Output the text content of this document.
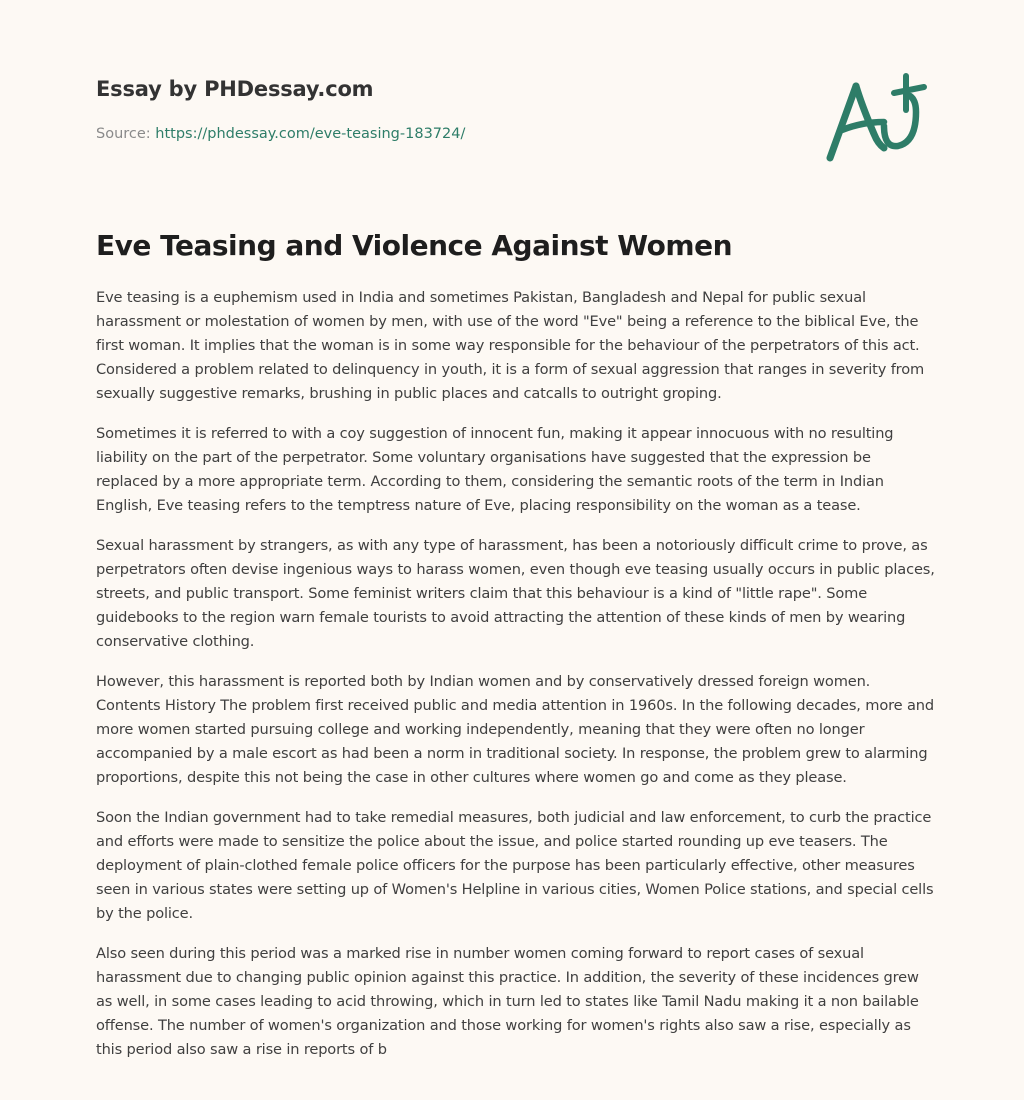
Essay by PHDessay.com
Source: https://phdessay.com/eve-teasing-183724/
Eve Teasing and Violence Against Women

Eve teasing is a euphemism used in India and sometimes Pakistan, Bangladesh and Nepal for public sexual harassment or molestation of women by men, with use of the word "Eve" being a reference to the biblical Eve, the first woman. It implies that the woman is in some way responsible for the behaviour of the perpetrators of this act. Considered a problem related to delinquency in youth, it is a form of sexual aggression that ranges in severity from sexually suggestive remarks, brushing in public places and catcalls to outright groping.

Sometimes it is referred to with a coy suggestion of innocent fun, making it appear innocuous with no resulting liability on the part of the perpetrator. Some voluntary organisations have suggested that the expression be replaced by a more appropriate term. According to them, considering the semantic roots of the term in Indian English, Eve teasing refers to the temptress nature of Eve, placing responsibility on the woman as a tease.

Sexual harassment by strangers, as with any type of harassment, has been a notoriously difficult crime to prove, as perpetrators often devise ingenious ways to harass women, even though eve teasing usually occurs in public places, streets, and public transport. Some feminist writers claim that this behaviour is a kind of "little rape". Some guidebooks to the region warn female tourists to avoid attracting the attention of these kinds of men by wearing conservative clothing.

However, this harassment is reported both by Indian women and by conservatively dressed foreign women. Contents History The problem first received public and media attention in 1960s. In the following decades, more and more women started pursuing college and working independently, meaning that they were often no longer accompanied by a male escort as had been a norm in traditional society. In response, the problem grew to alarming proportions, despite this not being the case in other cultures where women go and come as they please.

Soon the Indian government had to take remedial measures, both judicial and law enforcement, to curb the practice and efforts were made to sensitize the police about the issue, and police started rounding up eve teasers. The deployment of plain-clothed female police officers for the purpose has been particularly effective, other measures seen in various states were setting up of Women's Helpline in various cities, Women Police stations, and special cells by the police.

Also seen during this period was a marked rise in number women coming forward to report cases of sexual harassment due to changing public opinion against this practice. In addition, the severity of these incidences grew as well, in some cases leading to acid throwing, which in turn led to states like Tamil Nadu making it a non bailable offense. The number of women's organization and those working for women's rights also saw a rise, especially as this period also saw a rise in reports of b
